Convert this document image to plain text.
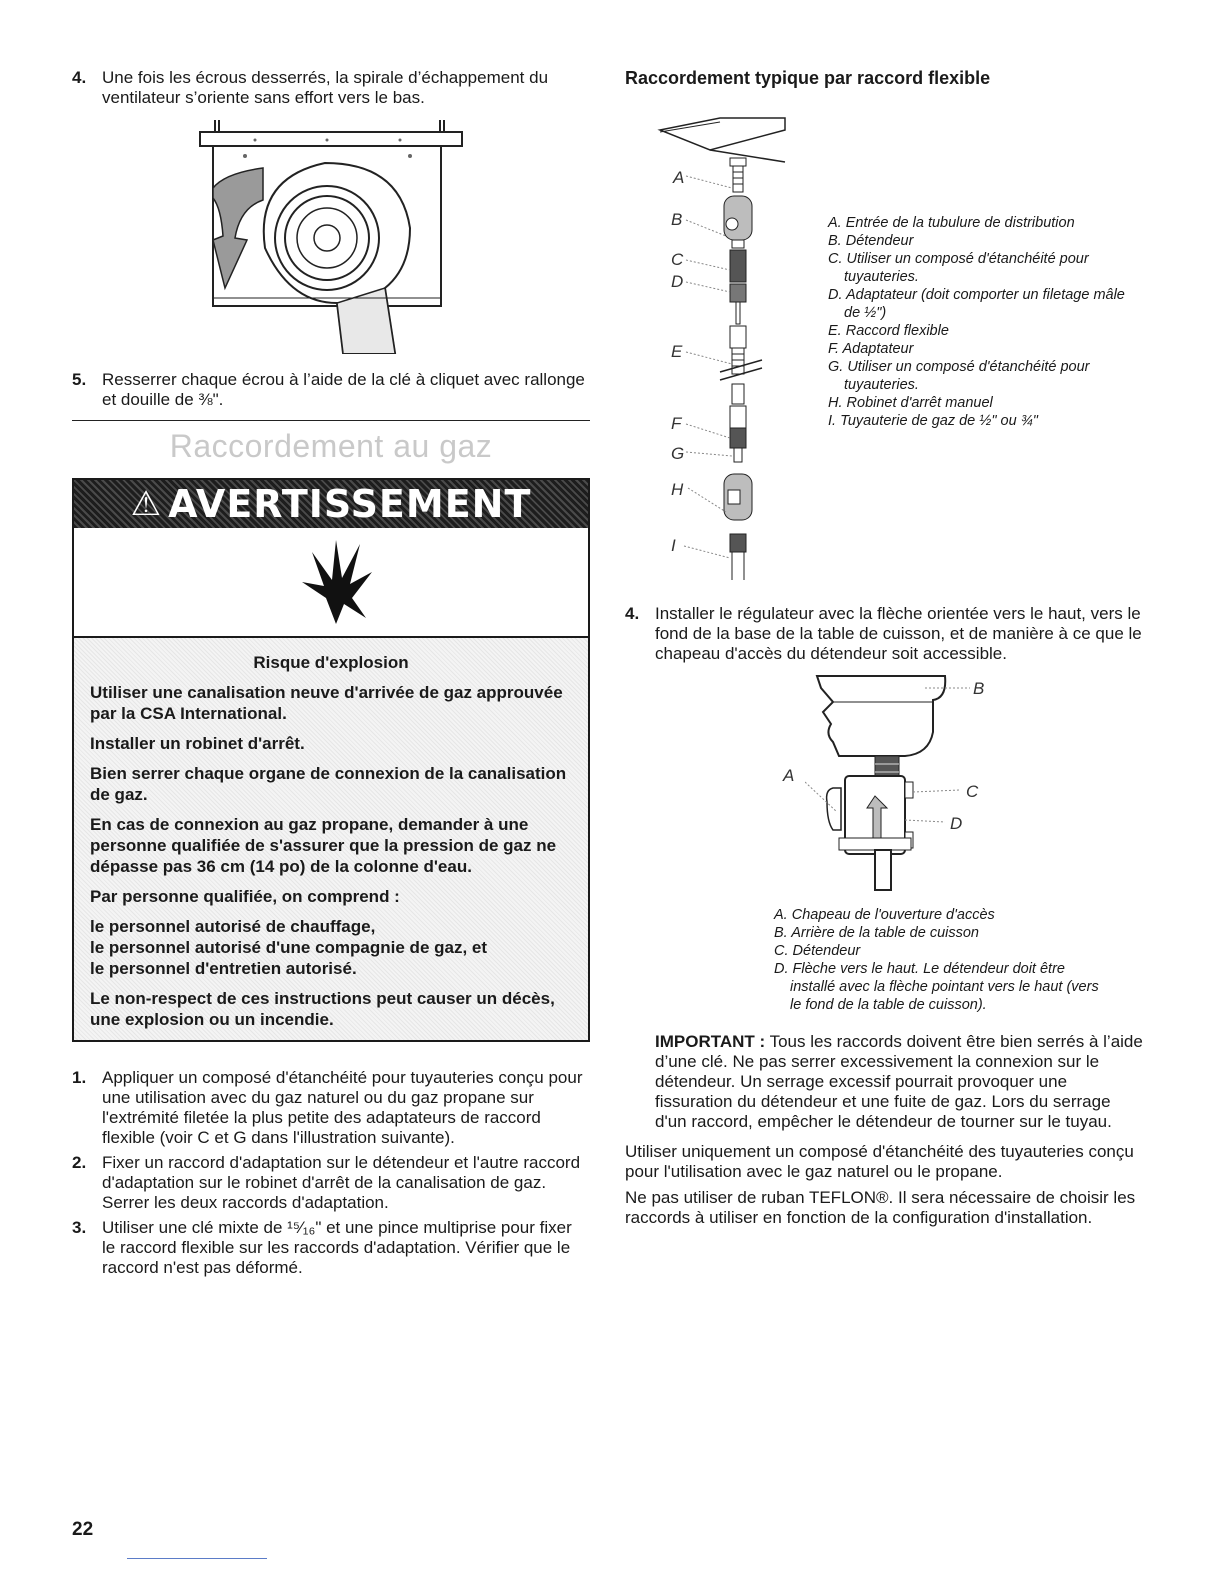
4. Une fois les écrous desserrés, la spirale d’échappement du ventilateur s’oriente sans effort vers le bas.
5. Resserrer chaque écrou à l’aide de la clé à cliquet avec rallonge et douille de ⅜".
Raccordement au gaz
⚠ AVERTISSEMENT

Risque d'explosion

Utiliser une canalisation neuve d'arrivée de gaz approuvée par la CSA International.

Installer un robinet d'arrêt.

Bien serrer chaque organe de connexion de la canalisation de gaz.

En cas de connexion au gaz propane, demander à une personne qualifiée de s'assurer que la pression de gaz ne dépasse pas 36 cm (14 po) de la colonne d'eau.

Par personne qualifiée, on comprend :

le personnel autorisé de chauffage,
le personnel autorisé d'une compagnie de gaz, et
le personnel d'entretien autorisé.

Le non-respect de ces instructions peut causer un décès, une explosion ou un incendie.

1. Appliquer un composé d'étanchéité pour tuyauteries conçu pour une utilisation avec du gaz naturel ou du gaz propane sur l'extrémité filetée la plus petite des adaptateurs de raccord flexible (voir C et G dans l'illustration suivante).
2. Fixer un raccord d'adaptation sur le détendeur et l'autre raccord d'adaptation sur le robinet d'arrêt de la canalisation de gaz. Serrer les deux raccords d'adaptation.
3. Utiliser une clé mixte de ¹⁵⁄₁₆" et une pince multiprise pour fixer le raccord flexible sur les raccords d'adaptation. Vérifier que le raccord n'est pas déformé.
Raccordement typique par raccord flexible
A
B
C
D
E
F
G
H
I
A. Entrée de la tubulure de distribution
B. Détendeur
C. Utiliser un composé d'étanchéité pour tuyauteries.
D. Adaptateur (doit comporter un filetage mâle de ½")
E. Raccord flexible
F. Adaptateur
G. Utiliser un composé d'étanchéité pour tuyauteries.
H. Robinet d'arrêt manuel
I. Tuyauterie de gaz de ½" ou ¾"
4. Installer le régulateur avec la flèche orientée vers le haut, vers le fond de la base de la table de cuisson, et de manière à ce que le chapeau d'accès du détendeur soit accessible.
B
A
C
D
A. Chapeau de l'ouverture d'accès
B. Arrière de la table de cuisson
C. Détendeur
D. Flèche vers le haut. Le détendeur doit être installé avec la flèche pointant vers le haut (vers le fond de la table de cuisson).
IMPORTANT : Tous les raccords doivent être bien serrés à l’aide d’une clé. Ne pas serrer excessivement la connexion sur le détendeur. Un serrage excessif pourrait provoquer une fissuration du détendeur et une fuite de gaz. Lors du serrage d'un raccord, empêcher le détendeur de tourner sur le tuyau.

Utiliser uniquement un composé d'étanchéité des tuyauteries conçu pour l'utilisation avec le gaz naturel ou le propane.

Ne pas utiliser de ruban TEFLON®. Il sera nécessaire de choisir les raccords à utiliser en fonction de la configuration d'installation.

22
